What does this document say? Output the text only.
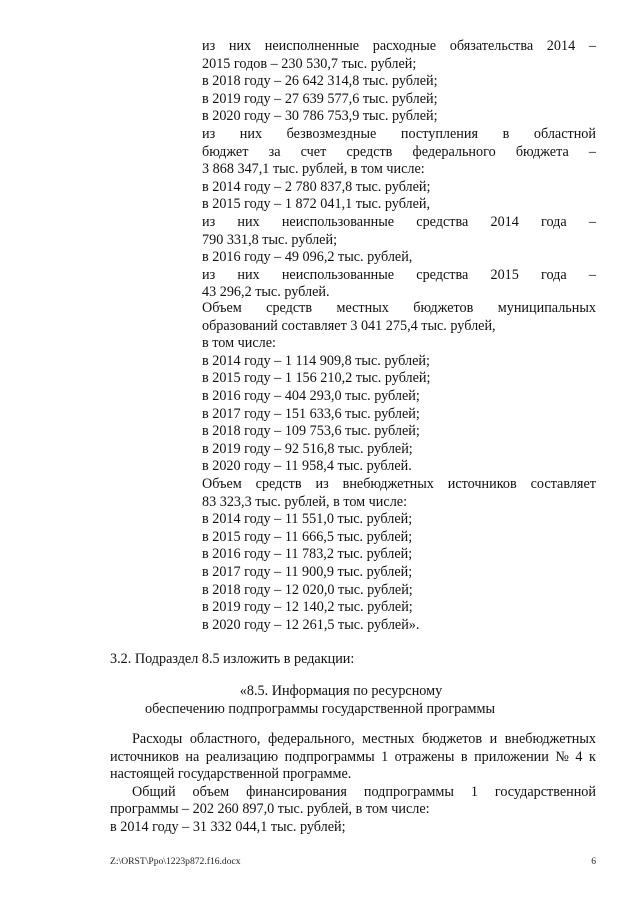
из них неисполненные расходные обязательства 2014 –
2015 годов – 230 530,7 тыс. рублей;
в 2018 году – 26 642 314,8 тыс. рублей;
в 2019 году – 27 639 577,6 тыс. рублей;
в 2020 году – 30 786 753,9 тыс. рублей;
из них безвозмездные поступления в областной
бюджет за счет средств федерального бюджета –
3 868 347,1 тыс. рублей, в том числе:
в 2014 году – 2 780 837,8 тыс. рублей;
в 2015 году – 1 872 041,1 тыс. рублей,
из них неиспользованные средства 2014 года –
790 331,8 тыс. рублей;
в 2016 году – 49 096,2 тыс. рублей,
из них неиспользованные средства 2015 года –
43 296,2 тыс. рублей.
Объем средств местных бюджетов муниципальных
образований составляет 3 041 275,4 тыс. рублей,
в том числе:
в 2014 году – 1 114 909,8 тыс. рублей;
в 2015 году – 1 156 210,2 тыс. рублей;
в 2016 году – 404 293,0 тыс. рублей;
в 2017 году – 151 633,6 тыс. рублей;
в 2018 году – 109 753,6 тыс. рублей;
в 2019 году – 92 516,8 тыс. рублей;
в 2020 году – 11 958,4 тыс. рублей.
Объем средств из внебюджетных источников составляет
83 323,3 тыс. рублей, в том числе:
в 2014 году – 11 551,0 тыс. рублей;
в 2015 году – 11 666,5 тыс. рублей;
в 2016 году – 11 783,2 тыс. рублей;
в 2017 году – 11 900,9 тыс. рублей;
в 2018 году – 12 020,0 тыс. рублей;
в 2019 году – 12 140,2 тыс. рублей;
в 2020 году – 12 261,5 тыс. рублей».
3.2. Подраздел 8.5 изложить в редакции:
«8.5. Информация по ресурсному
обеспечению подпрограммы государственной программы
Расходы областного, федерального, местных бюджетов и внебюджетных
источников на реализацию подпрограммы 1 отражены в приложении № 4 к
настоящей государственной программе.
Общий объем финансирования подпрограммы 1 государственной
программы – 202 260 897,0 тыс. рублей, в том числе:
в 2014 году – 31 332 044,1 тыс. рублей;
Z:\ORST\Ppo\1223p872.f16.docx	6
